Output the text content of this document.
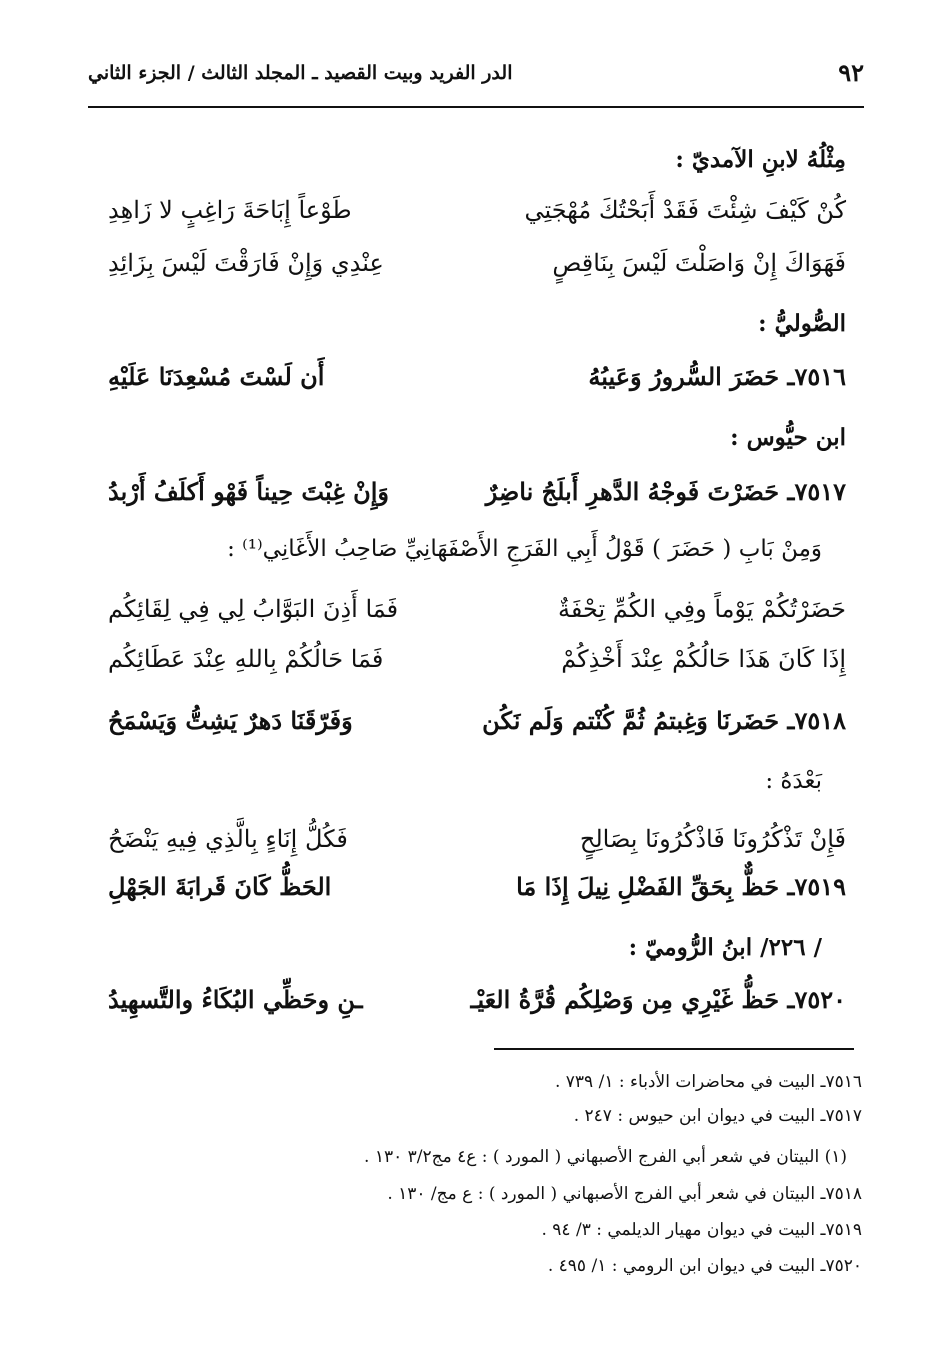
٩٢
الدر الفريد وبيت القصيد ـ المجلد الثالث / الجزء الثاني
مِثْلُهُ لابنِ الآمديّ :
كُنْ كَيْفَ شِئْتَ فَقَدْ أَبَحْتُكَ مُهْجَتِي
طَوْعاً إِبَاحَةَ رَاغِبٍ لا زَاهِدِ
فَهَوَاكَ إِنْ وَاصَلْتَ لَيْسَ بِنَاقِصٍ
عِنْدِي وَإِنْ فَارَقْتَ لَيْسَ بِزَائِدِ
الصُّوليُّ :
٧٥١٦ـ حَضَرَ السُّرورُ وَعَيبُهُ
أَن لَسْتَ مُسْعِدَنَا عَلَيْهِ
ابن حيُّوس :
٧٥١٧ـ حَضَرْتَ فَوجْهُ الدَّهرِ أَبلَجُ ناضِرٌ
وَإِنْ غِبْتَ حِيناً فَهْو أَكلَفُ أَرْبدُ
وَمِنْ بَابِ ( حَضَرَ ) قَوْلُ أَبِي الفَرَجِ الأَصْفَهَانِيِّ صَاحِبُ الأَغَانِي⁽¹⁾ :
حَضَرْتُكُمْ يَوْماً وفِي الكُمِّ تِحْفَةٌ
فَمَا أَذِنَ البَوَّابُ لِي فِي لِقَائِكُم
إِذَا كَانَ هَذَا حَالُكُمْ عِنْدَ أَخْذِكُمْ
فَمَا حَالُكُمْ بِاللهِ عِنْدَ عَطَائِكُم
٧٥١٨ـ حَضَرنَا وَغِبتمُ ثُمَّ كُنْتم وَلَم نَكُن
وَفَرّقَنَا دَهرٌ يَشِتُّ وَيَسْمَحُ
بَعْدَهُ :
فَإِنْ تَذْكُرُونَا فَاذْكُرُونَا بِصَالِحٍ
فَكُلُّ إِنَاءٍ بِالَّذِي فِيهِ يَنْضَحُ
٧٥١٩ـ حَظٌّ بِحَقِّ الفَضْلِ نِيلَ إِذَا مَا
الحَظُّ كَانَ قَرابَةَ الجَهْلِ
/ ٢٢٦/ ابنُ الرُّوميّ :
٧٥٢٠ـ حَظُّ غَيْرِي مِن وَصْلِكُم قُرَّةُ العَيْـ
ـنِ وحَظِّي البُكَاءُ والتَّسهِيدُ
٧٥١٦ـ البيت في محاضرات الأدباء : ١/ ٧٣٩ .
٧٥١٧ـ البيت في ديوان ابن حيوس : ٢٤٧ .
(١) البيتان في شعر أبي الفرج الأصبهاني ( المورد ) : ع٤ مج٣/٢ ١٣٠ .
٧٥١٨ـ البيتان في شعر أبي الفرج الأصبهاني ( المورد ) : ع مج/ ١٣٠ .
٧٥١٩ـ البيت في ديوان مهيار الديلمي : ٣/ ٩٤ .
٧٥٢٠ـ البيت في ديوان ابن الرومي : ١/ ٤٩٥ .
